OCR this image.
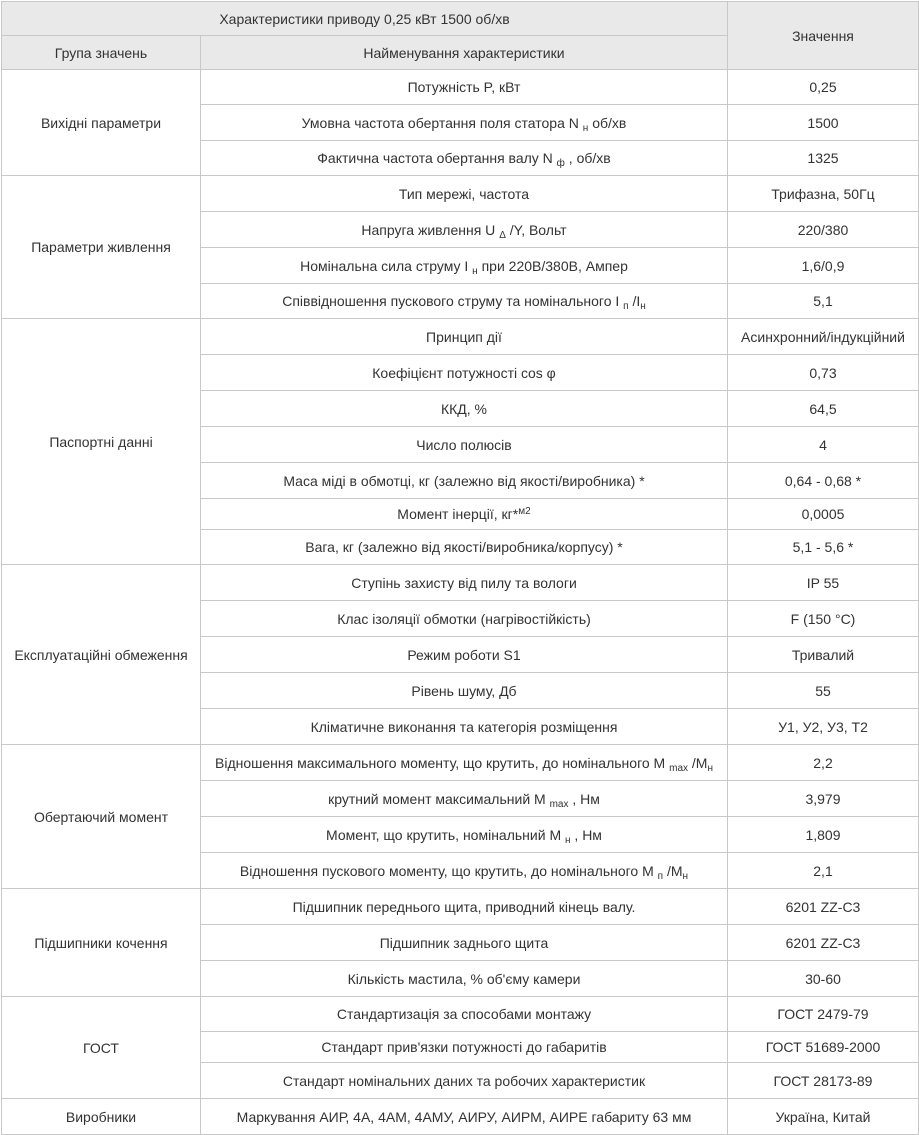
Характеристики приводу 0,25 кВт 1500 об/хв		Значення
Група значень	Найменування характеристики	
Вихідні параметри	Потужність P, кВт	0,25
	Умовна частота обертання поля статора N $_н$ об/хв	1500
	Фактична частота обертання валу N $_ф$ , об/хв	1325
Параметри живлення	Тип мережі, частота	Трифазна, 50Гц
	Напруга живлення U $_\Delta$ /Y, Вольт	220/380
	Номінальна сила струму I $_н$ при 220В/380В, Ампер	1,6/0,9
	Співвідношення пускового струму та номінального I $_п$ $/I_н$	5,1
Паспортні данні	Принцип дії	Асинхронний/індукційний
	Коефіцієнт потужності cos φ	0,73
	ККД, %	64,5
	Число полюсів	4
	Маса міді в обмотці, кг (залежно від якості/виробника) *	0,64 - 0,68 *
	Момент інерції, кг*$^{м2}$	0,0005
	Вага, кг (залежно від якості/виробника/корпусу) *	5,1 - 5,6 *
Експлуатаційні обмеження	Ступінь захисту від пилу та вологи	IP 55
	Клас ізоляції обмотки (нагрівостійкість)	F (150 °C)
	Режим роботи S1	Тривалий
	Рівень шуму, Дб	55
	Кліматичне виконання та категорія розміщення	У1, У2, У3, Т2
Обертаючий момент	Відношення максимального моменту, що крутить, до номінального M $_{max}$ $/M_н$	2,2
	крутний момент максимальний M $_{max}$ , Нм	3,979
	Момент, що крутить, номінальний M $_н$ , Нм	1,809
	Відношення пускового моменту, що крутить, до номінального M $_п$ $/M_н$	2,1
Підшипники кочення	Підшипник переднього щита, приводний кінець валу.	6201 ZZ-C3
	Підшипник заднього щита	6201 ZZ-C3
	Кількість мастила, % об'єму камери	30-60
ГОСТ	Стандартизація за способами монтажу	ГОСТ 2479-79
	Стандарт прив'язки потужності до габаритів	ГОСТ 51689-2000
	Стандарт номінальних даних та робочих характеристик	ГОСТ 28173-89
Виробники	Маркування АИР, 4А, 4АМ, 4АМУ, АИРУ, АИРМ, АИРЕ габариту 63 мм	Україна, Китай
